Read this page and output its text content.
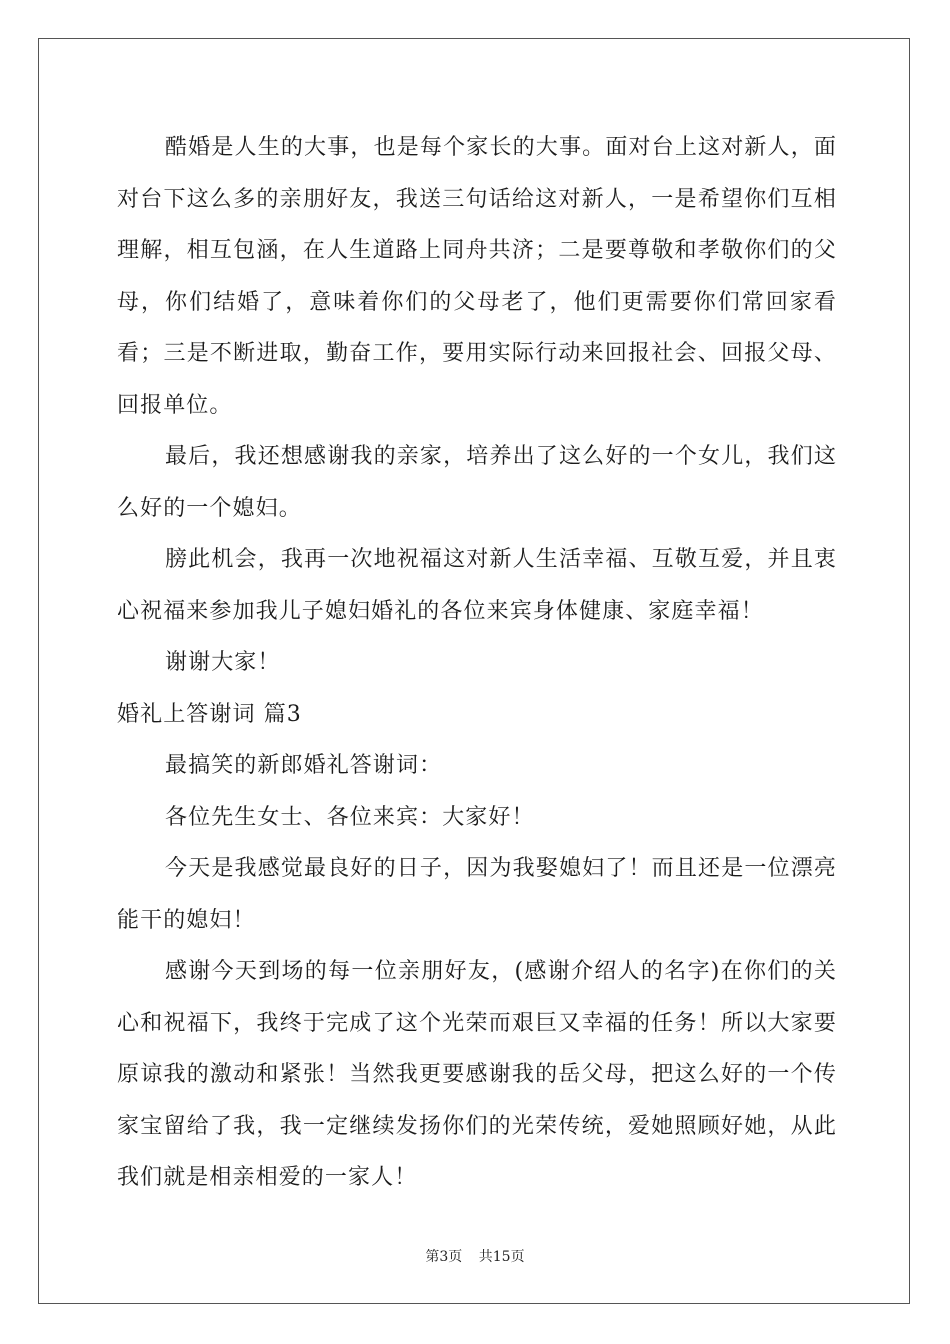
酷婚是人生的大事，也是每个家长的大事。面对台上这对新人，面对台下这么多的亲朋好友，我送三句话给这对新人，一是希望你们互相理解，相互包涵，在人生道路上同舟共济；二是要尊敬和孝敬你们的父母，你们结婚了，意味着你们的父母老了，他们更需要你们常回家看看；三是不断进取，勤奋工作，要用实际行动来回报社会、回报父母、回报单位。

最后，我还想感谢我的亲家，培养出了这么好的一个女儿，我们这么好的一个媳妇。

膀此机会，我再一次地祝福这对新人生活幸福、互敬互爱，并且衷心祝福来参加我儿子媳妇婚礼的各位来宾身体健康、家庭幸福！

谢谢大家！

婚礼上答谢词 篇3

最搞笑的新郎婚礼答谢词：

各位先生女士、各位来宾：大家好！

今天是我感觉最良好的日子，因为我娶媳妇了！而且还是一位漂亮能干的媳妇！

感谢今天到场的每一位亲朋好友，(感谢介绍人的名字)在你们的关心和祝福下，我终于完成了这个光荣而艰巨又幸福的任务！所以大家要原谅我的激动和紧张！当然我更要感谢我的岳父母，把这么好的一个传家宝留给了我，我一定继续发扬你们的光荣传统，爱她照顾好她，从此我们就是相亲相爱的一家人！

第3页 共15页
